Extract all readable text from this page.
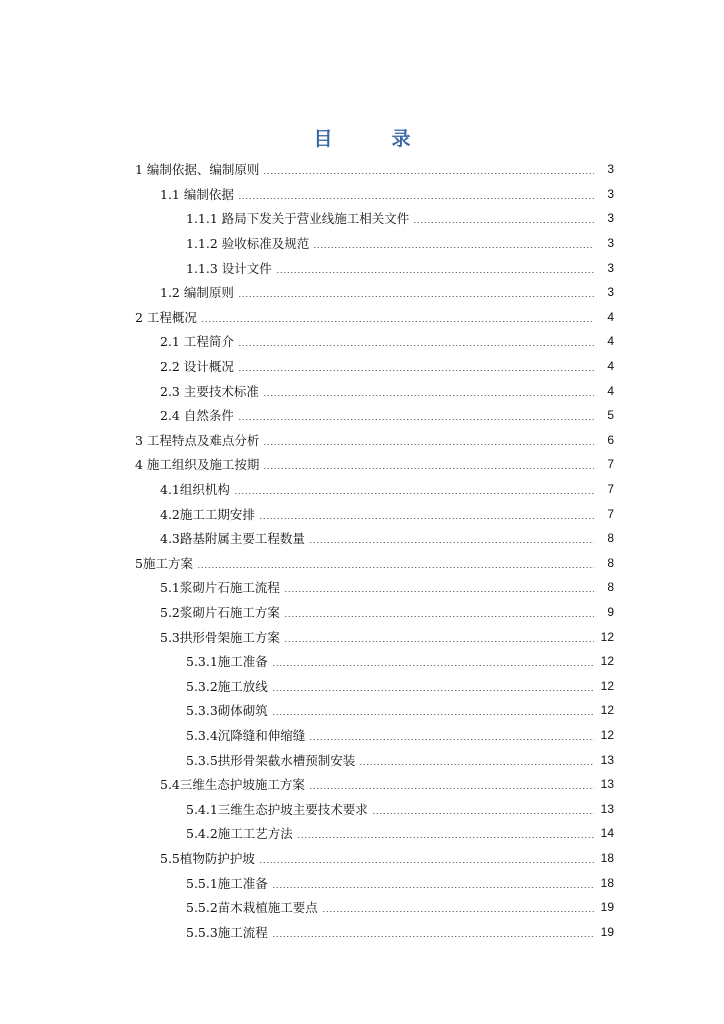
目　录
1 编制依据、编制原则	3
1.1 编制依据	3
1.1.1 路局下发关于营业线施工相关文件	3
1.1.2 验收标准及规范	3
1.1.3 设计文件	3
1.2 编制原则	3
2 工程概况	4
2.1 工程简介	4
2.2 设计概况	4
2.3 主要技术标准	4
2.4 自然条件	5
3 工程特点及难点分析	6
4 施工组织及施工按期	7
4.1组织机构	7
4.2施工工期安排	7
4.3路基附属主要工程数量	8
5施工方案	8
5.1浆砌片石施工流程	8
5.2浆砌片石施工方案	9
5.3拱形骨架施工方案	12
5.3.1施工准备	12
5.3.2施工放线	12
5.3.3砌体砌筑	12
5.3.4沉降缝和伸缩缝	12
5.3.5拱形骨架截水槽预制安装	13
5.4三维生态护坡施工方案	13
5.4.1三维生态护坡主要技术要求	13
5.4.2施工工艺方法	14
5.5植物防护护坡	18
5.5.1施工准备	18
5.5.2苗木栽植施工要点	19
5.5.3施工流程	19
